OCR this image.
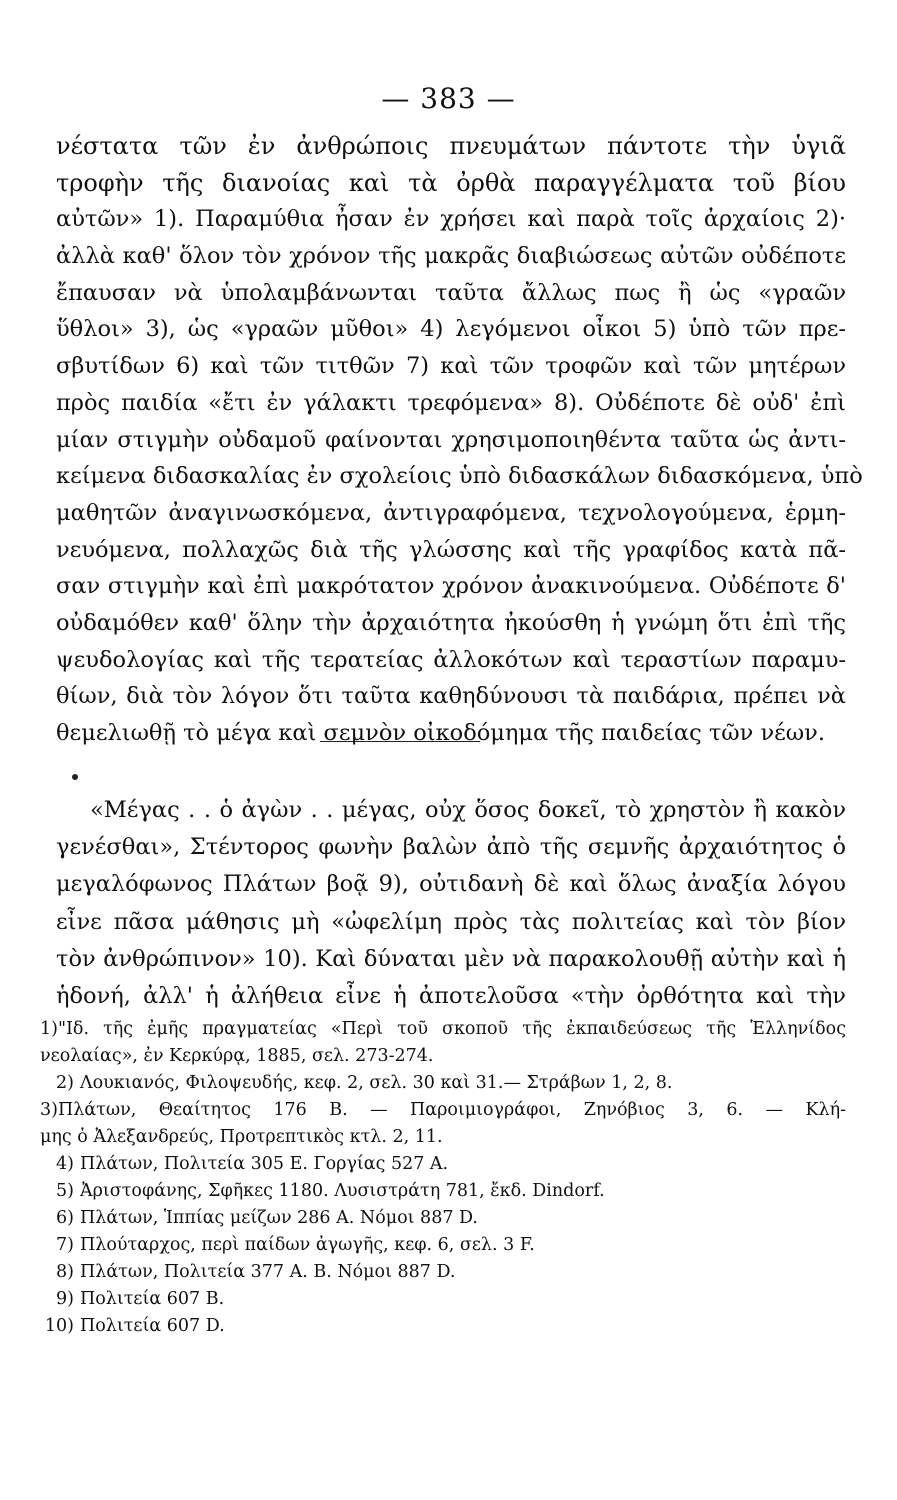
— 383 —
νέστατα τῶν ἐν ἀνθρώποις πνευμάτων πάντοτε τὴν ὑγιᾶ
τροφὴν τῆς διανοίας καὶ τὰ ὀρθὰ παραγγέλματα τοῦ βίου
αὐτῶν» 1). Παραμύθια ἦσαν ἐν χρήσει καὶ παρὰ τοῖς ἀρχαίοις 2)·
ἀλλὰ καθ' ὅλον τὸν χρόνον τῆς μακρᾶς διαβιώσεως αὐτῶν οὐδέποτε
ἔπαυσαν νὰ ὑπολαμβάνωνται ταῦτα ἄλλως πως ἢ ὡς «γραῶν
ὕθλοι» 3), ὡς «γραῶν μῦθοι» 4) λεγόμενοι οἶκοι 5) ὑπὸ τῶν πρε-
σβυτίδων 6) καὶ τῶν τιτθῶν 7) καὶ τῶν τροφῶν καὶ τῶν μητέρων
πρὸς παιδία «ἔτι ἐν γάλακτι τρεφόμενα» 8). Οὐδέποτε δὲ οὐδ' ἐπὶ
μίαν στιγμὴν οὐδαμοῦ φαίνονται χρησιμοποιηθέντα ταῦτα ὡς ἀντι-
κείμενα διδασκαλίας ἐν σχολείοις ὑπὸ διδασκάλων διδασκόμενα, ὑπὸ
μαθητῶν ἀναγινωσκόμενα, ἀντιγραφόμενα, τεχνολογούμενα, ἑρμη-
νευόμενα, πολλαχῶς διὰ τῆς γλώσσης καὶ τῆς γραφίδος κατὰ πᾶ-
σαν στιγμὴν καὶ ἐπὶ μακρότατον χρόνον ἀνακινούμενα. Οὐδέποτε δ'
οὐδαμόθεν καθ' ὅλην τὴν ἀρχαιότητα ἠκούσθη ἡ γνώμη ὅτι ἐπὶ τῆς
ψευδολογίας καὶ τῆς τερατείας ἀλλοκότων καὶ τεραστίων παραμυ-
θίων, διὰ τὸν λόγον ὅτι ταῦτα καθηδύνουσι τὰ παιδάρια, πρέπει νὰ
θεμελιωθῇ τὸ μέγα καὶ σεμνὸν οἰκοδόμημα τῆς παιδείας τῶν νέων.
«Μέγας . . ὁ ἀγὼν . . μέγας, οὐχ ὅσος δοκεῖ, τὸ χρηστὸν ἢ κακὸν
γενέσθαι», Στέντορος φωνὴν βαλὼν ἀπὸ τῆς σεμνῆς ἀρχαιότητος ὁ
μεγαλόφωνος Πλάτων βοᾷ 9), οὐτιδανὴ δὲ καὶ ὅλως ἀναξία λόγου
εἶνε πᾶσα μάθησις μὴ «ὠφελίμη πρὸς τὰς πολιτείας καὶ τὸν βίον
τὸν ἀνθρώπινον» 10). Καὶ δύναται μὲν νὰ παρακολουθῇ αὐτὴν καὶ ἡ
ἡδονή, ἀλλ' ἡ ἀλήθεια εἶνε ἡ ἀποτελοῦσα «τὴν ὀρθότητα καὶ τὴν
1)"Ιδ. τῆς ἐμῆς πραγματείας «Περὶ τοῦ σκοποῦ τῆς ἐκπαιδεύσεως τῆς Ἑλληνίδος
νεολαίας», ἐν Κερκύρᾳ, 1885, σελ. 273-274.
2) Λουκιανός, Φιλοψευδής, κεφ. 2, σελ. 30 καὶ 31.— Στράβων 1, 2, 8.
3)Πλάτων, Θεαίτητος 176 Β. — Παροιμιογράφοι, Ζηνόβιος 3, 6. — Κλή-
μης ὁ Ἀλεξανδρεύς, Προτρεπτικὸς κτλ. 2, 11.
4) Πλάτων, Πολιτεία 305 Ε. Γοργίας 527 Α.
5) Ἀριστοφάνης, Σφῆκες 1180. Λυσιστράτη 781, ἔκδ. Dindorf.
6) Πλάτων, Ἱππίας μείζων 286 Α. Νόμοι 887 D.
7) Πλούταρχος, περὶ παίδων ἀγωγῆς, κεφ. 6, σελ. 3 F.
8) Πλάτων, Πολιτεία 377 Α. Β. Νόμοι 887 D.
9) Πολιτεία 607 Β.
10) Πολιτεία 607 D.
